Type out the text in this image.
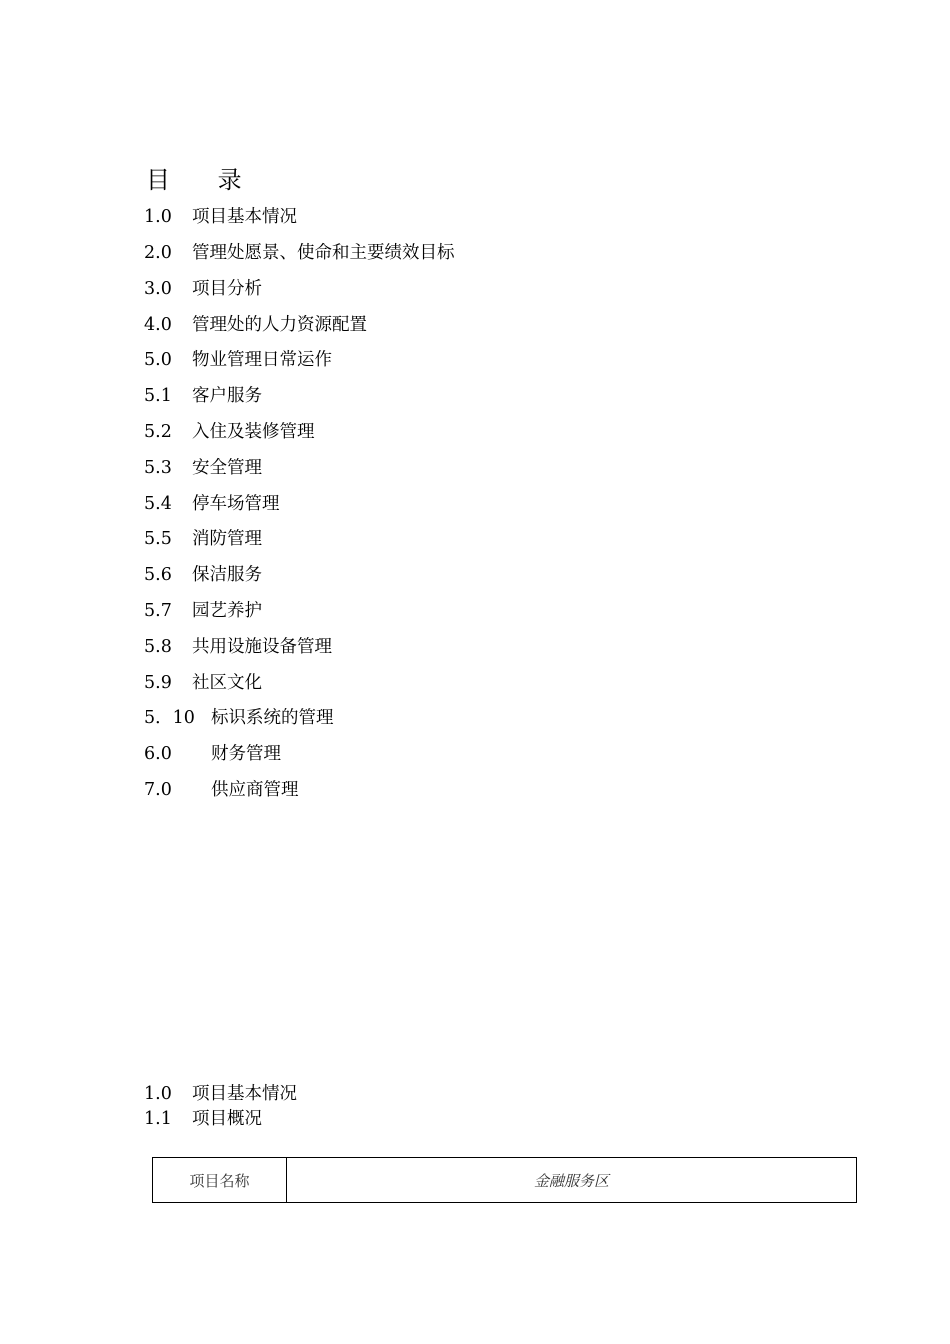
目 录
1.0	项目基本情况
2.0	管理处愿景、使命和主要绩效目标
3.0	项目分析
4.0	管理处的人力资源配置
5.0	物业管理日常运作
5.1	客户服务
5.2	入住及装修管理
5.3	安全管理
5.4	停车场管理
5.5	消防管理
5.6	保洁服务
5.7	园艺养护
5.8	共用设施设备管理
5.9	社区文化
5．10 标识系统的管理
6.0	财务管理
7.0	供应商管理
1.0	项目基本情况
1.1	项目概况
项目名称	金融服务区
